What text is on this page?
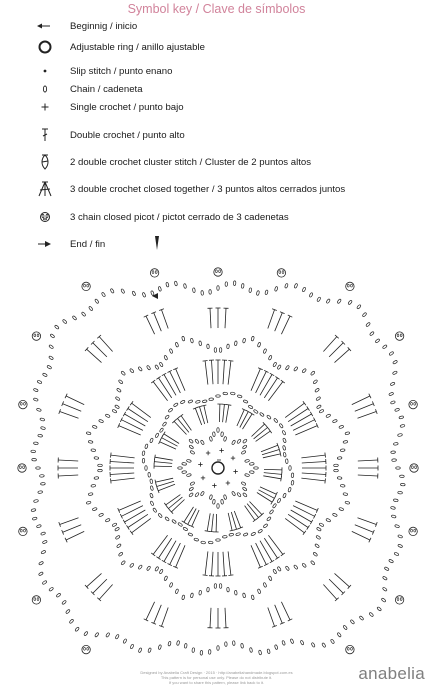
Symbol key / Clave de símbolos
Beginnig / inicio
Adjustable ring / anillo ajustable
Slip stitch / punto enano
Chain / cadeneta
Single crochet / punto bajo
Double crochet / punto alto
2 double crochet cluster stitch / Cluster de 2 puntos altos
3 double crochet closed together / 3 puntos altos cerrados juntos
3 chain closed picot / pictot cerrado de 3 cadenetas
End / fin
Designed by Anabelia Craft Design · 2015 · http://anabeliahandmade.blogspot.com.es
This pattern is for personal use only. Please do not distribute it.
If you want to share this pattern, please link back to it.	anabelia
